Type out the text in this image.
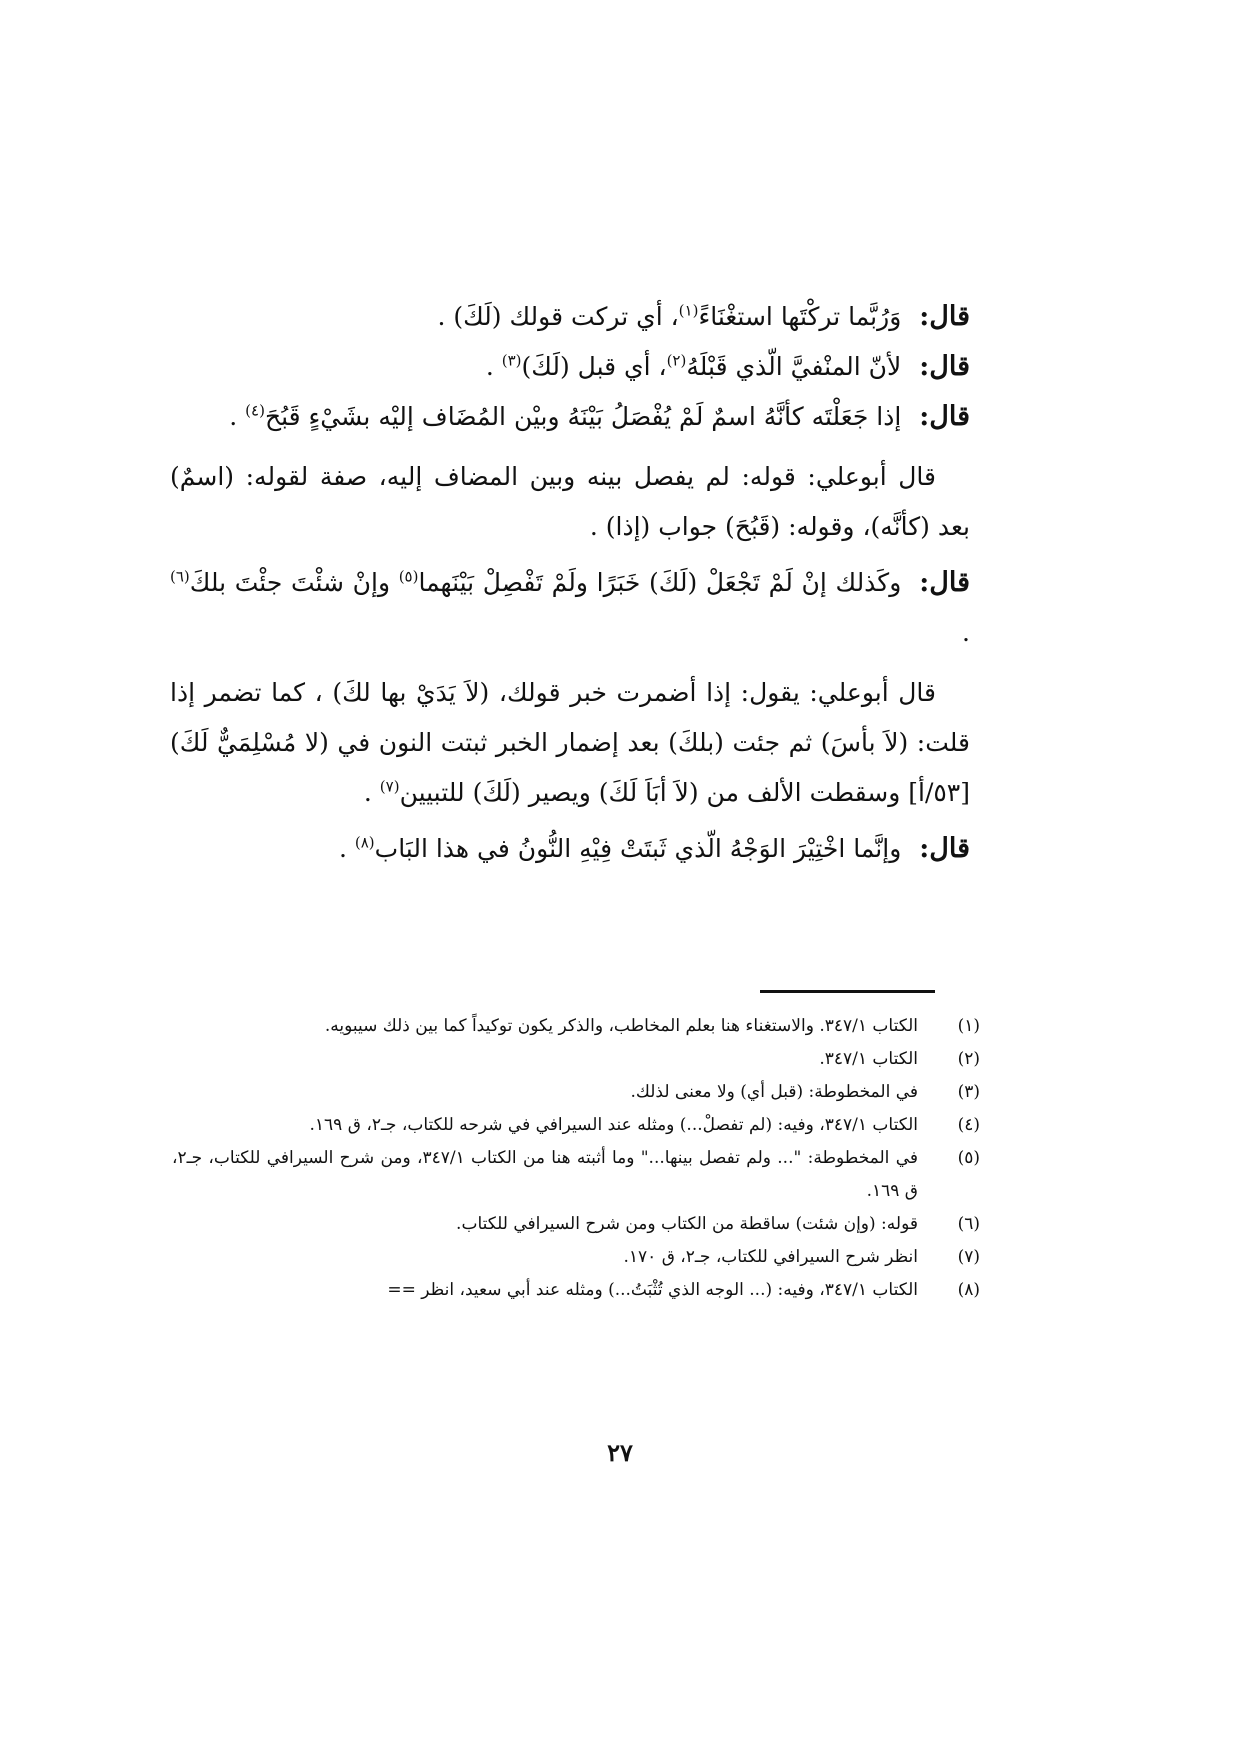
قال:وَرُبَّما تركْتَها استغْنَاءً$^{(١)}$، أي تركت قولك (لَكَ) .

قال:لأنّ المنْفيَّ الّذي قَبْلَهُ$^{(٢)}$، أي قبل (لَكَ)$^{(٣)}$ .

قال:إذا جَعَلْتَه كأنَّهُ اسمٌ لَمْ يُفْصَلُ بَيْنَهُ وبيْن المُضَاف إليْه بشَيْءٍ قَبُحَ$^{(٤)}$ .

قال أبوعلي: قوله: لم يفصل بينه وبين المضاف إليه، صفة لقوله: (اسمٌ) بعد (كأنَّه)، وقوله: (قَبُحَ) جواب (إذا) .

قال:وكَذلك إنْ لَمْ تَجْعَلْ (لَكَ) خَبَرًا ولَمْ تَفْصِلْ بَيْنَهما$^{(٥)}$ وإنْ شئْتَ جئْتَ بلكَ$^{(٦)}$ .

قال أبوعلي: يقول: إذا أضمرت خبر قولك، (لاَ يَدَيْ بها لكَ) ، كما تضمر إذا قلت: (لاَ بأسَ) ثم جئت (بلكَ) بعد إضمار الخبر ثبتت النون في (لا مُسْلِمَيٌّ لَكَ) [٥٣/أ] وسقطت الألف من (لاَ أبَاَ لَكَ) ويصير (لَكَ) للتبيين$^{(٧)}$ .

قال:وإنَّما اخْتِيْرَ الوَجْهُ الّذي ثَبتَتْ فِيْهِ النُّونُ في هذا البَاب$^{(٨)}$ .

(١)
الكتاب ٣٤٧/١. والاستغناء هنا بعلم المخاطب، والذكر يكون توكيداً كما بين ذلك سيبويه.
(٢)
الكتاب ٣٤٧/١.
(٣)
في المخطوطة: (قبل أي) ولا معنى لذلك.
(٤)
الكتاب ٣٤٧/١، وفيه: (لم تفصلْ...) ومثله عند السيرافي في شرحه للكتاب، جـ٢، ق ١٦٩.
(٥)
في المخطوطة: "... ولم تفصل بينها..." وما أثبته هنا من الكتاب ٣٤٧/١، ومن شرح السيرافي للكتاب، جـ٢، ق ١٦٩.
(٦)
قوله: (وإن شئت) ساقطة من الكتاب ومن شرح السيرافي للكتاب.
(٧)
انظر شرح السيرافي للكتاب، جـ٢، ق ١٧٠.
(٨)
الكتاب ٣٤٧/١، وفيه: (... الوجه الذي تُثْبَتُ...) ومثله عند أبي سعيد، انظر ==
٢٧
